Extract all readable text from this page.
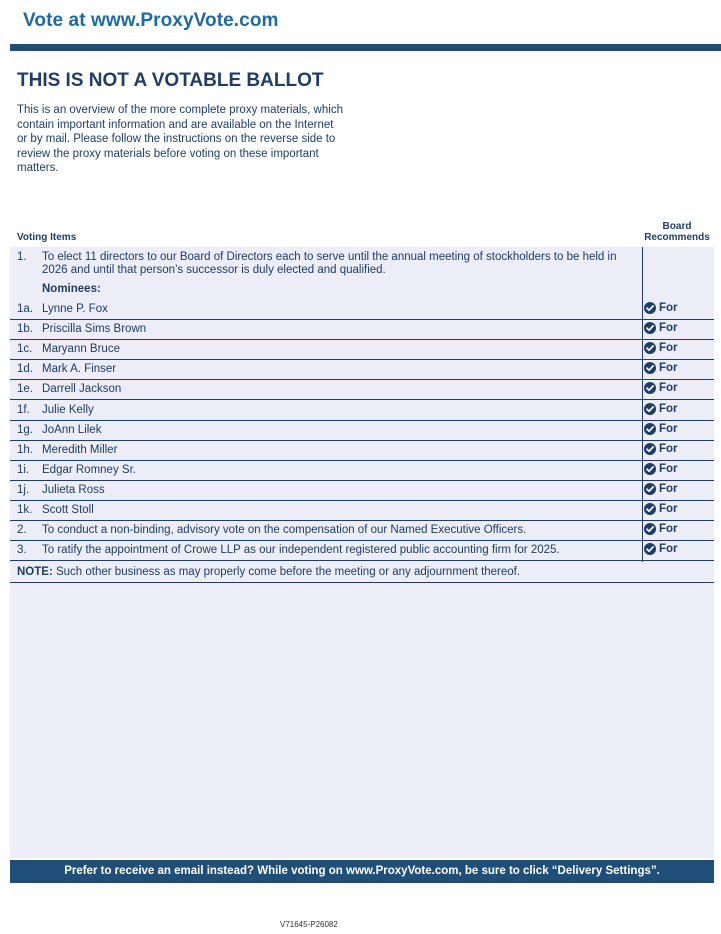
Vote at www.ProxyVote.com
THIS IS NOT A VOTABLE BALLOT
This is an overview of the more complete proxy materials, which
contain important information and are available on the Internet
or by mail. Please follow the instructions on the reverse side to
review the proxy materials before voting on these important
matters.
Voting Items
Board
Recommends
1. To elect 11 directors to our Board of Directors each to serve until the annual meeting of stockholders to be held in
2026 and until that person’s successor is duly elected and qualified.
Nominees:
1a. Lynne P. Fox	For
1b. Priscilla Sims Brown	For
1c. Maryann Bruce	For
1d. Mark A. Finser	For
1e. Darrell Jackson	For
1f. Julie Kelly	For
1g. JoAnn Lilek	For
1h. Meredith Miller	For
1i. Edgar Romney Sr.	For
1j. Julieta Ross	For
1k. Scott Stoll	For
2. To conduct a non-binding, advisory vote on the compensation of our Named Executive Officers.	For
3. To ratify the appointment of Crowe LLP as our independent registered public accounting firm for 2025.	For
NOTE: Such other business as may properly come before the meeting or any adjournment thereof.
Prefer to receive an email instead? While voting on www.ProxyVote.com, be sure to click “Delivery Settings”.
V71645-P26082
